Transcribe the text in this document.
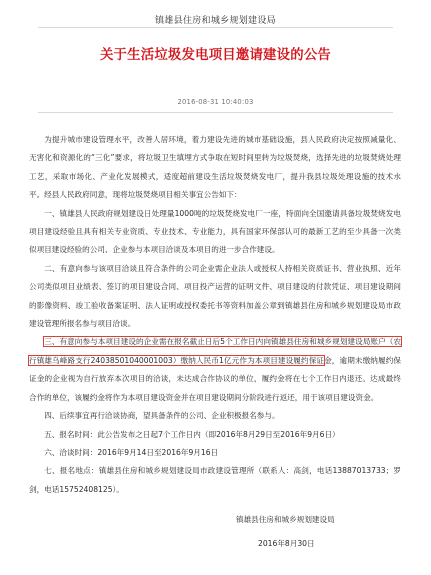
镇雄县住房和城乡规划建设局
关于生活垃圾发电项目邀请建设的公告
2016-08-31 10:40:03

为提升城市建设管理水平，改善人居环境，着力建设先进的城市基础设施，县人民政府决定按照减量化、无害化和资源化的“三化”要求，将垃圾卫生填埋方式争取在短时间里转为垃圾焚烧，选择先进的垃圾焚烧处理工艺，采取市场化、产业化发展模式，适度超前建设生活垃圾焚烧发电厂，提升我县垃圾处理设施的技术水平。经县人民政府同意，现将垃圾焚烧项目相关事宜公告如下：

一、镇雄县人民政府规划建设日处理量1000吨的垃圾焚烧发电厂一座，特面向全国邀请具备垃圾焚烧发电项目建设经验且具有相关专业资质、专业技术、专业能力，具有国家环保部认可的最新工艺的至少具备一次类似项目建设经验的公司、企业参与本项目洽谈及本项目的进一步合作建设。

二、有意向参与该项目洽谈且符合条件的公司企业需企业法人或授权人持相关资质证书、营业执照、近年公司类似项目业绩表、签订的项目建设合同、项目投产运营的证明文件、项目建设的付款凭证、项目建设期间的影像资料、竣工验收备案证明、法人证明或授权委托书等资料加盖公章到镇雄县住房和城乡规划建设局市政建设管理所报名参与项目洽谈。

三、有意向参与本项目建设的企业需在报名截止日后5个工作日内向镇雄县住房和城乡规划建设局账户（农行镇雄乌峰路支行2403850104000​1003）缴纳人民币1亿元作为本项目建设履约保证金，逾期未缴纳履约保证金的企业视为自行放弃本次项目的洽谈，未达成合作协议的单位，履约金将在七个工作日内退还。达成最终合作的单位，该履约金将作为本项目建设资金并在项目建设期间分阶段进行返还，用于该项目建设资金。

四、后续事宜再行洽谈协商，望具备条件的公司、企业积极报名参与。

五、报名时间：此公告发布之日起7个工作日内（即2016年8月29日至2016年9月6日）

六、洽谈时间：2016年9月14日至2016年9月16日

七、报名地点：镇雄县住房和城乡规划建设局市政建设管理所（联系人：高剑，电话13887013733；罗剑，电话15752408125）。

镇雄县住房和城乡规划建设局
2016年8月30日
